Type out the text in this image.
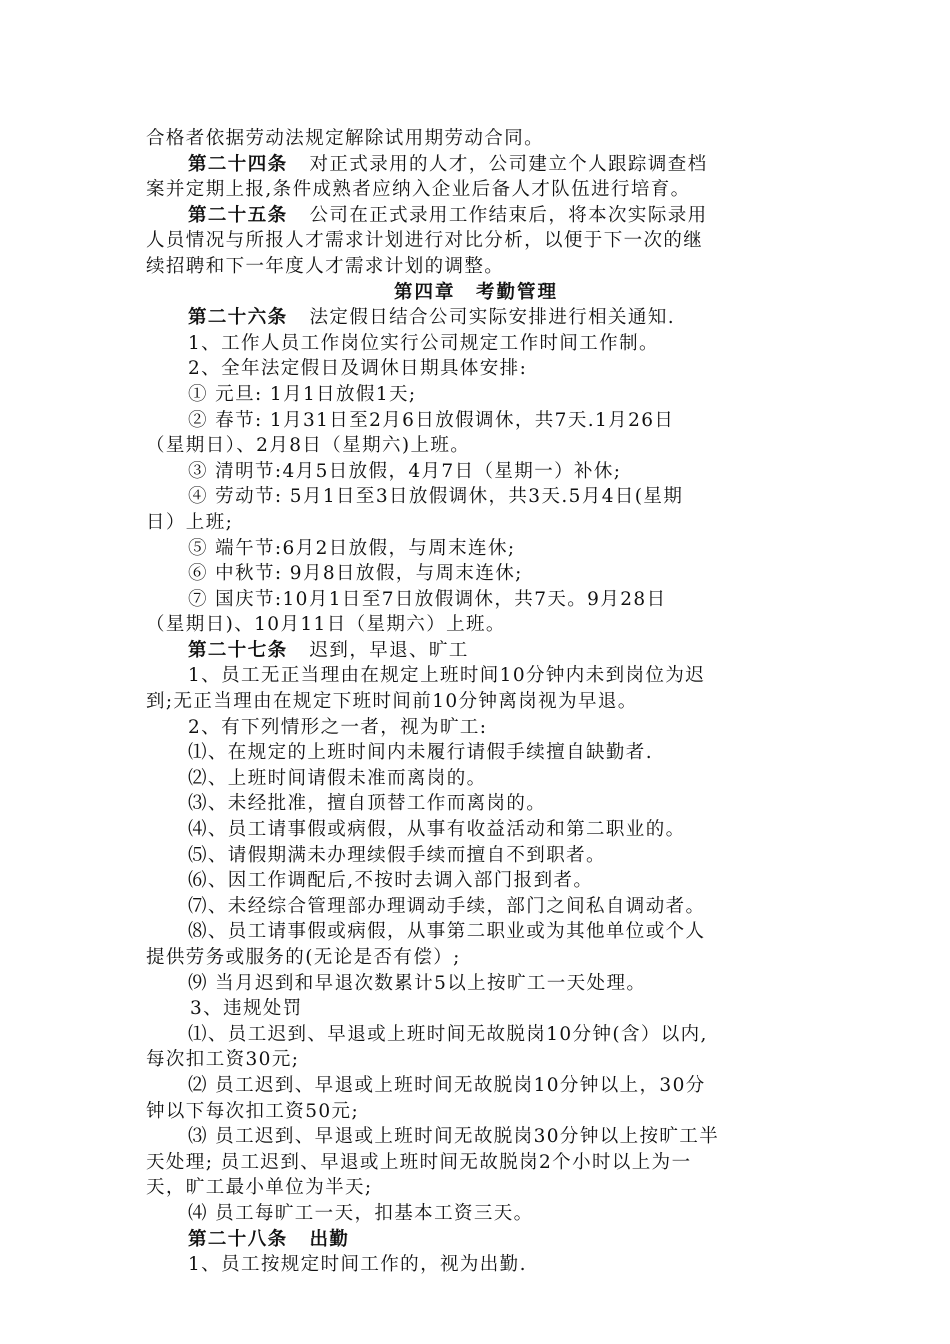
合格者依据劳动法规定解除试用期劳动合同。
第二十四条 对正式录用的人才，公司建立个人跟踪调查档
案并定期上报,条件成熟者应纳入企业后备人才队伍进行培育。
第二十五条 公司在正式录用工作结束后，将本次实际录用
人员情况与所报人才需求计划进行对比分析，以便于下一次的继
续招聘和下一年度人才需求计划的调整。
第四章　考勤管理
第二十六条 法定假日结合公司实际安排进行相关通知.
1、工作人员工作岗位实行公司规定工作时间工作制。
2、全年法定假日及调休日期具体安排:
① 元旦: 1月1日放假1天;
② 春节: 1月31日至2月6日放假调休，共7天.1月26日
（星期日）、2月8日（星期六)上班。
③ 清明节:4月5日放假，4月7日（星期一）补休;
④ 劳动节: 5月1日至3日放假调休，共3天.5月4日(星期
日）上班;
⑤ 端午节:6月2日放假，与周末连休;
⑥ 中秋节: 9月8日放假，与周末连休;
⑦ 国庆节:10月1日至7日放假调休，共7天。9月28日
（星期日)、10月11日（星期六）上班。
第二十七条 迟到，早退、旷工
1、员工无正当理由在规定上班时间10分钟内未到岗位为迟
到;无正当理由在规定下班时间前10分钟离岗视为早退。
2、有下列情形之一者，视为旷工:
⑴、在规定的上班时间内未履行请假手续擅自缺勤者.
⑵、上班时间请假未准而离岗的。
⑶、未经批准，擅自顶替工作而离岗的。
⑷、员工请事假或病假，从事有收益活动和第二职业的。
⑸、请假期满未办理续假手续而擅自不到职者。
⑹、因工作调配后,不按时去调入部门报到者。
⑺、未经综合管理部办理调动手续，部门之间私自调动者。
⑻、员工请事假或病假，从事第二职业或为其他单位或个人
提供劳务或服务的(无论是否有偿）;
⑼ 当月迟到和早退次数累计5以上按旷工一天处理。
3、违规处罚
⑴、员工迟到、早退或上班时间无故脱岗10分钟(含）以内,
每次扣工资30元;
⑵ 员工迟到、早退或上班时间无故脱岗10分钟以上，30分
钟以下每次扣工资50元;
⑶ 员工迟到、早退或上班时间无故脱岗30分钟以上按旷工半
天处理; 员工迟到、早退或上班时间无故脱岗2个小时以上为一
天，旷工最小单位为半天;
⑷ 员工每旷工一天，扣基本工资三天。
第二十八条 出勤
1、员工按规定时间工作的，视为出勤.
